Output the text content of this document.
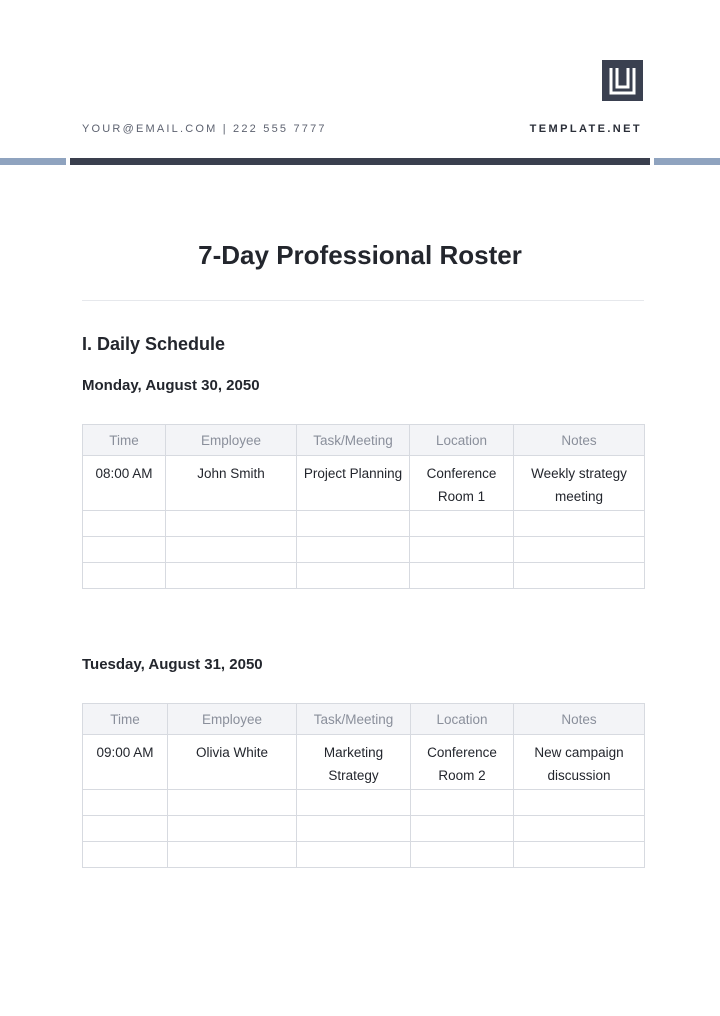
YOUR@EMAIL.COM | 222 555 7777	TEMPLATE.NET
7-Day Professional Roster
I. Daily Schedule
Monday, August 30, 2050
Time	Employee	Task/Meeting	Location	Notes
08:00 AM	John Smith	Project Planning	Conference Room 1	Weekly strategy meeting

Tuesday, August 31, 2050
Time	Employee	Task/Meeting	Location	Notes
09:00 AM	Olivia White	Marketing Strategy	Conference Room 2	New campaign discussion
